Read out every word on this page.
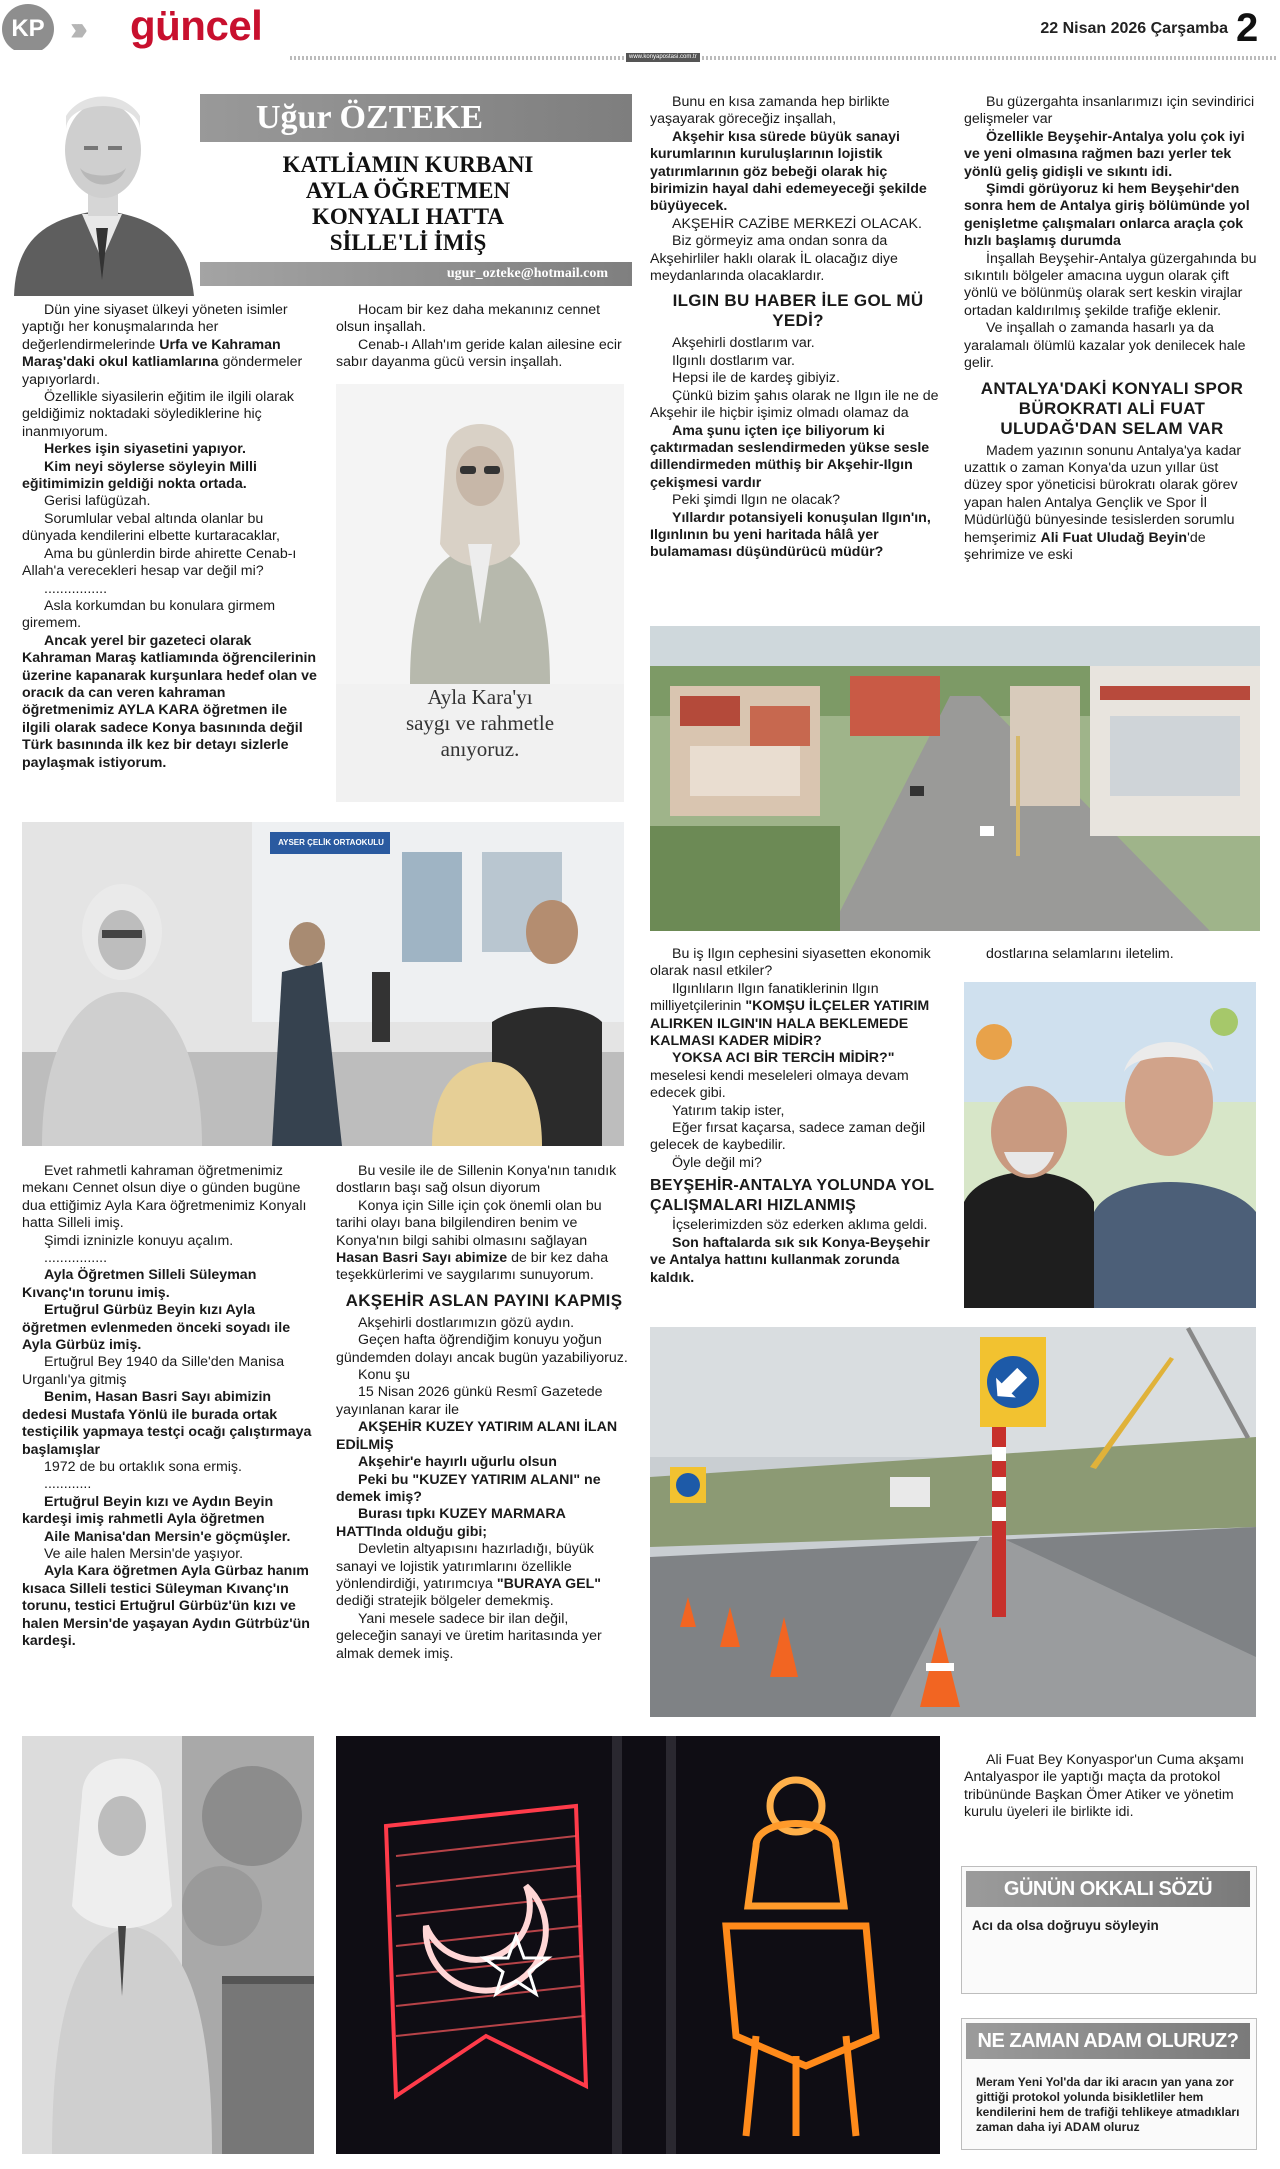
KP ››› güncel	22 Nisan 2026 Çarşamba 2
www.konyapostasi.com.tr
Uğur ÖZTEKE
KATLİAMIN KURBANI
AYLA ÖĞRETMEN
KONYALI HATTA
SİLLE'Lİ İMİŞ
ugur_ozteke@hotmail.com

Dün yine siyaset ülkeyi yöneten isimler yaptığı her konuşmalarında her değerlendirmelerinde Urfa ve Kahraman Maraş'daki okul katliamlarına göndermeler yapıyorlardı.

Özellikle siyasilerin eğitim ile ilgili olarak geldiğimiz noktadaki söylediklerine hiç inanmıyorum.

Herkes işin siyasetini yapıyor.

Kim neyi söylerse söyleyin Milli eğitimimizin geldiği nokta ortada.

Gerisi lafügüzah.

Sorumlular vebal altında olanlar bu dünyada kendilerini elbette kurtaracaklar,

Ama bu günlerdin birde ahirette Cenab-ı Allah'a verecekleri hesap var değil mi?

................

Asla korkumdan bu konulara girmem giremem.

Ancak yerel bir gazeteci olarak Kahraman Maraş katliamında öğrencilerinin üzerine kapanarak kurşunlara hedef olan ve oracık da can veren kahraman öğretmenimiz AYLA KARA öğretmen ile ilgili olarak sadece Konya basınında değil Türk basınında ilk kez bir detayı sizlerle paylaşmak istiyorum.

Hocam bir kez daha mekanınız cennet olsun inşallah.

Cenab-ı Allah'ım geride kalan ailesine ecir sabır dayanma gücü versin inşallah.

Ayla Kara'yı
saygı ve rahmetle
anıyoruz.
AYSER ÇELİK ORTAOKULU

Bunu en kısa zamanda hep birlikte yaşayarak göreceğiz inşallah,

Akşehir kısa sürede büyük sanayi kurumlarının kuruluşlarının lojistik yatırımlarının göz bebeği olarak hiç birimizin hayal dahi edemeyeceği şekilde büyüyecek.

AKŞEHİR CAZİBE MERKEZİ OLACAK.

Biz görmeyiz ama ondan sonra da Akşehirliler haklı olarak İL olacağız diye meydanlarında olacaklardır.

ILGIN BU HABER İLE GOL MÜ YEDİ?

Akşehirli dostlarım var.

Ilgınlı dostlarım var.

Hepsi ile de kardeş gibiyiz.

Çünkü bizim şahıs olarak ne Ilgın ile ne de Akşehir ile hiçbir işimiz olmadı olamaz da

Ama şunu içten içe biliyorum ki çaktırmadan seslendirmeden yükse sesle dillendirmeden müthiş bir Akşehir-Ilgın çekişmesi vardır

Peki şimdi Ilgın ne olacak?

Yıllardır potansiyeli konuşulan Ilgın'ın, Ilgınlının bu yeni haritada hâlâ yer bulamaması düşündürücü müdür?

Bu güzergahta insanlarımızı için sevindirici gelişmeler var

Özellikle Beyşehir-Antalya yolu çok iyi ve yeni olmasına rağmen bazı yerler tek yönlü geliş gidişli ve sıkıntı idi.

Şimdi görüyoruz ki hem Beyşehir'den sonra hem de Antalya giriş bölümünde yol genişletme çalışmaları onlarca araçla çok hızlı başlamış durumda

İnşallah Beyşehir-Antalya güzergahında bu sıkıntılı bölgeler amacına uygun olarak çift yönlü ve bölünmüş olarak sert keskin virajlar ortadan kaldırılmış şekilde trafiğe eklenir.

Ve inşallah o zamanda hasarlı ya da yaralamalı ölümlü kazalar yok denilecek hale gelir.

ANTALYA'DAKİ KONYALI SPOR BÜROKRATI ALİ FUAT ULUDAĞ'DAN SELAM VAR

Madem yazının sonunu Antalya'ya kadar uzattık o zaman Konya'da uzun yıllar üst düzey spor yöneticisi bürokratı olarak görev yapan halen Antalya Gençlik ve Spor İl Müdürlüğü bünyesinde tesislerden sorumlu hemşerimiz Ali Fuat Uludağ Beyin'de şehrimize ve eski

Evet rahmetli kahraman öğretmenimiz mekanı Cennet olsun diye o günden bugüne dua ettiğimiz Ayla Kara öğretmenimiz Konyalı hatta Silleli imiş.

Şimdi izninizle konuyu açalım.

................

Ayla Öğretmen Silleli Süleyman Kıvanç'ın torunu imiş.

Ertuğrul Gürbüz Beyin kızı Ayla öğretmen evlenmeden önceki soyadı ile Ayla Gürbüz imiş.

Ertuğrul Bey 1940 da Sille'den Manisa Urganlı'ya gitmiş

Benim, Hasan Basri Sayı abimizin dedesi Mustafa Yönlü ile burada ortak testiçilik yapmaya testçi ocağı çalıştırmaya başlamışlar

1972 de bu ortaklık sona ermiş.

............

Ertuğrul Beyin kızı ve Aydın Beyin kardeşi imiş rahmetli Ayla öğretmen

Aile Manisa'dan Mersin'e göçmüşler.

Ve aile halen Mersin'de yaşıyor.

Ayla Kara öğretmen Ayla Gürbaz hanım kısaca Silleli testici Süleyman Kıvanç'ın torunu, testici Ertuğrul Gürbüz'ün kızı ve halen Mersin'de yaşayan Aydın Gütrbüz'ün kardeşi.

Bu vesile ile de Sillenin Konya'nın tanıdık dostların başı sağ olsun diyorum

Konya için Sille için çok önemli olan bu tarihi olayı bana bilgilendiren benim ve Konya'nın bilgi sahibi olmasını sağlayan

Hasan Basri Sayı abimize de bir kez daha teşekkürlerimi ve saygılarımı sunuyorum.

AKŞEHİR ASLAN PAYINI KAPMIŞ

Akşehirli dostlarımızın gözü aydın.

Geçen hafta öğrendiğim konuyu yoğun gündemden dolayı ancak bugün yazabiliyoruz.

Konu şu

15 Nisan 2026 günkü Resmî Gazetede yayınlanan karar ile

AKŞEHİR KUZEY YATIRIM ALANI İLAN EDİLMİŞ

Akşehir'e hayırlı uğurlu olsun

Peki bu "KUZEY YATIRIM ALANI" ne demek imiş?

Burası tıpkı KUZEY MARMARA HATTInda olduğu gibi;

Devletin altyapısını hazırladığı, büyük sanayi ve lojistik yatırımlarını özellikle yönlendirdiği, yatırımcıya "BURAYA GEL" dediği stratejik bölgeler demekmiş.

Yani mesele sadece bir ilan değil, geleceğin sanayi ve üretim haritasında yer almak demek imiş.

Bu iş Ilgın cephesini siyasetten ekonomik olarak nasıl etkiler?

Ilgınlıların Ilgın fanatiklerinin Ilgın milliyetçilerinin "KOMŞU İLÇELER YATIRIM ALIRKEN ILGIN'IN HALA BEKLEMEDE KALMASI KADER MİDİR?

YOKSA ACI BİR TERCİH MİDİR?" meselesi kendi meseleleri olmaya devam edecek gibi.

Yatırım takip ister,

Eğer fırsat kaçarsa, sadece zaman değil gelecek de kaybedilir.

Öyle değil mi?

BEYŞEHİR-ANTALYA YOLUNDA YOL ÇALIŞMALARI HIZLANMIŞ

İçselerimizden söz ederken aklıma geldi.

Son haftalarda sık sık Konya-Beyşehir ve Antalya hattını kullanmak zorunda kaldık.

dostlarına selamlarını iletelim.

Ali Fuat Bey Konyaspor'un Cuma akşamı Antalyaspor ile yaptığı maçta da protokol tribününde Başkan Ömer Atiker ve yönetim kurulu üyeleri ile birlikte idi.

GÜNÜN OKKALI SÖZÜ
Acı da olsa doğruyu söyleyin
NE ZAMAN ADAM OLURUZ?
Meram Yeni Yol'da dar iki aracın yan yana zor gittiği protokol yolunda bisikletliler hem kendilerini hem de trafiği tehlikeye atmadıkları zaman daha iyi ADAM oluruz
